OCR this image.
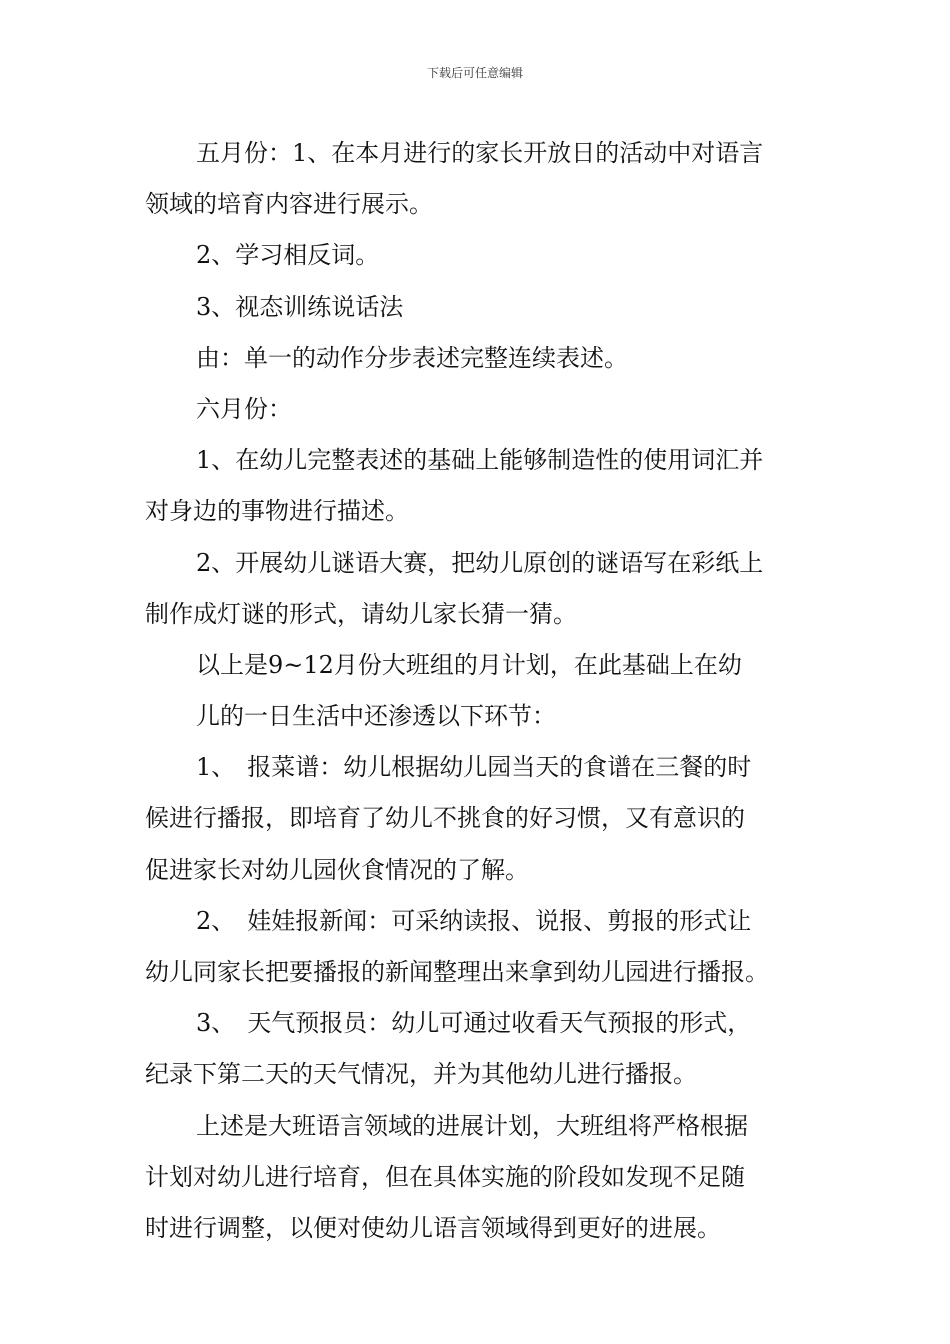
下载后可任意编辑
五月份：1、在本月进行的家长开放日的活动中对语言
领域的培育内容进行展示。
2、学习相反词。
3、视态训练说话法
由：单一的动作分步表述完整连续表述。
六月份：
1、在幼儿完整表述的基础上能够制造性的使用词汇并
对身边的事物进行描述。
2、开展幼儿谜语大赛，把幼儿原创的谜语写在彩纸上
制作成灯谜的形式，请幼儿家长猜一猜。
以上是9~12月份大班组的月计划，在此基础上在幼
儿的一日生活中还渗透以下环节：
1、　报菜谱：幼儿根据幼儿园当天的食谱在三餐的时
候进行播报，即培育了幼儿不挑食的好习惯，又有意识的
促进家长对幼儿园伙食情况的了解。
2、　娃娃报新闻：可采纳读报、说报、剪报的形式让
幼儿同家长把要播报的新闻整理出来拿到幼儿园进行播报。
3、　天气预报员：幼儿可通过收看天气预报的形式，
纪录下第二天的天气情况，并为其他幼儿进行播报。
上述是大班语言领域的进展计划，大班组将严格根据
计划对幼儿进行培育，但在具体实施的阶段如发现不足随
时进行调整，以便对使幼儿语言领域得到更好的进展。
